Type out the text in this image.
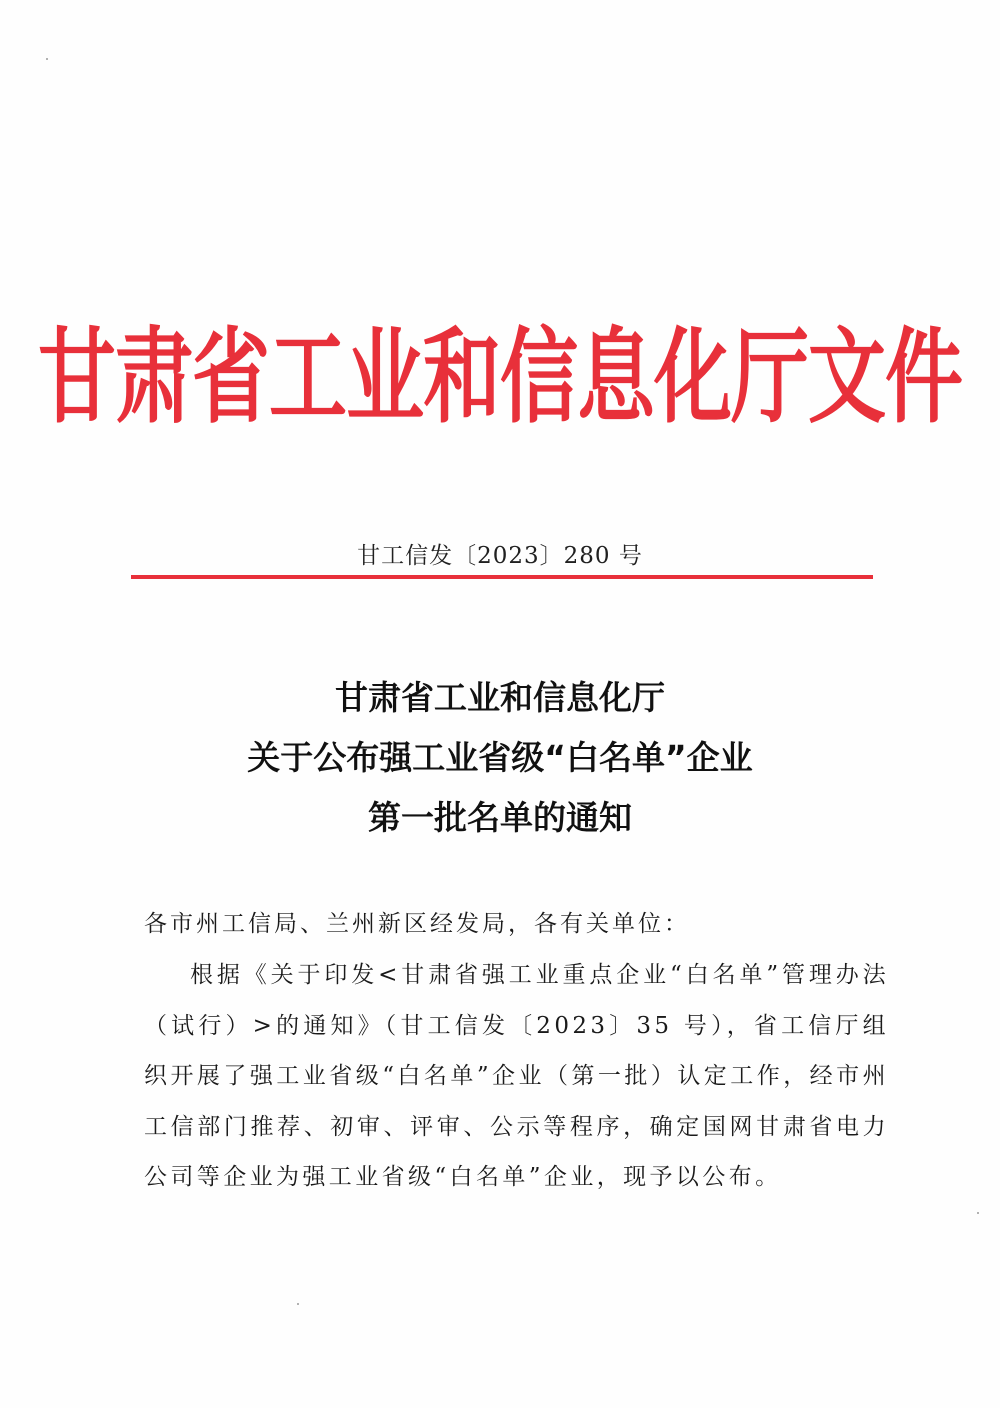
甘肃省工业和信息化厅文件
甘工信发〔2023〕280 号
甘肃省工业和信息化厅
关于公布强工业省级“白名单”企业
第一批名单的通知
各市州工信局、兰州新区经发局，各有关单位：

根据《关于印发<甘肃省强工业重点企业“白名单”管理办法（试行）>的通知》（甘工信发〔2023〕35 号），省工信厅组织开展了强工业省级“白名单”企业（第一批）认定工作，经市州工信部门推荐、初审、评审、公示等程序，确定国网甘肃省电力公司等企业为强工业省级“白名单”企业，现予以公布。
